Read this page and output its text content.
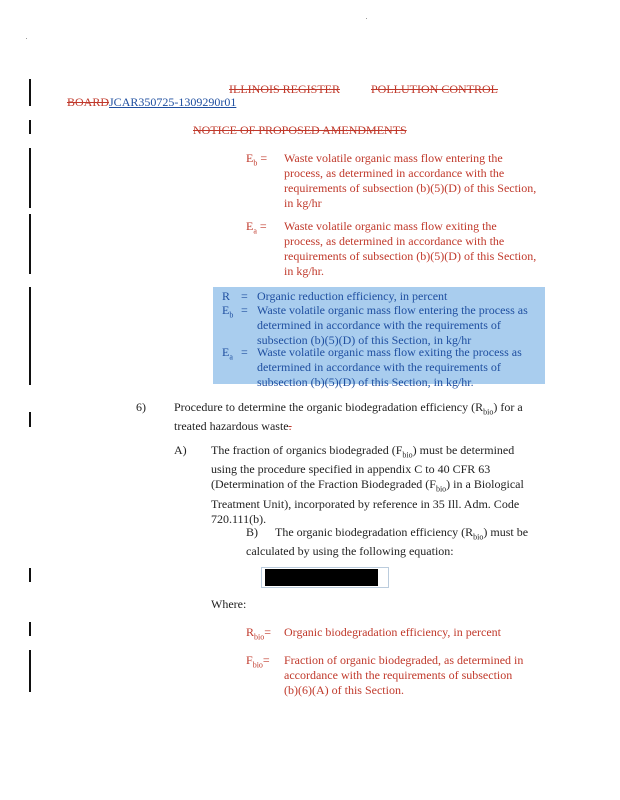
ILLINOIS REGISTER	POLLUTION CONTROL
BOARDJCAR350725-1309290r01
NOTICE OF PROPOSED AMENDMENTS
$E_b$ = Waste volatile organic mass flow entering the
process, as determined in accordance with the
requirements of subsection (b)(5)(D) of this Section,
in kg/hr
$E_a$ = Waste volatile organic mass flow exiting the
process, as determined in accordance with the
requirements of subsection (b)(5)(D) of this Section,
in kg/hr.
R = Organic reduction efficiency, in percent
$E_b$ = Waste volatile organic mass flow entering the process as
determined in accordance with the requirements of
subsection (b)(5)(D) of this Section, in kg/hr
$E_a$ = Waste volatile organic mass flow exiting the process as
determined in accordance with the requirements of
subsection (b)(5)(D) of this Section, in kg/hr.
6) Procedure to determine the organic biodegradation efficiency $(R_{bio})$ for a
treated hazardous waste.
A) The fraction of organics biodegraded $(F_{bio})$ must be determined
using the procedure specified in appendix C to 40 CFR 63
(Determination of the Fraction Biodegraded $(F_{bio})$ in a Biological
Treatment Unit), incorporated by reference in 35 Ill. Adm. Code
720.111(b).
B) The organic biodegradation efficiency $(R_{bio})$ must be
calculated by using the following equation:
Where:
$R_{bio}=$ Organic biodegradation efficiency, in percent
$F_{bio}=$ Fraction of organic biodegraded, as determined in
accordance with the requirements of subsection
(b)(6)(A) of this Section.
